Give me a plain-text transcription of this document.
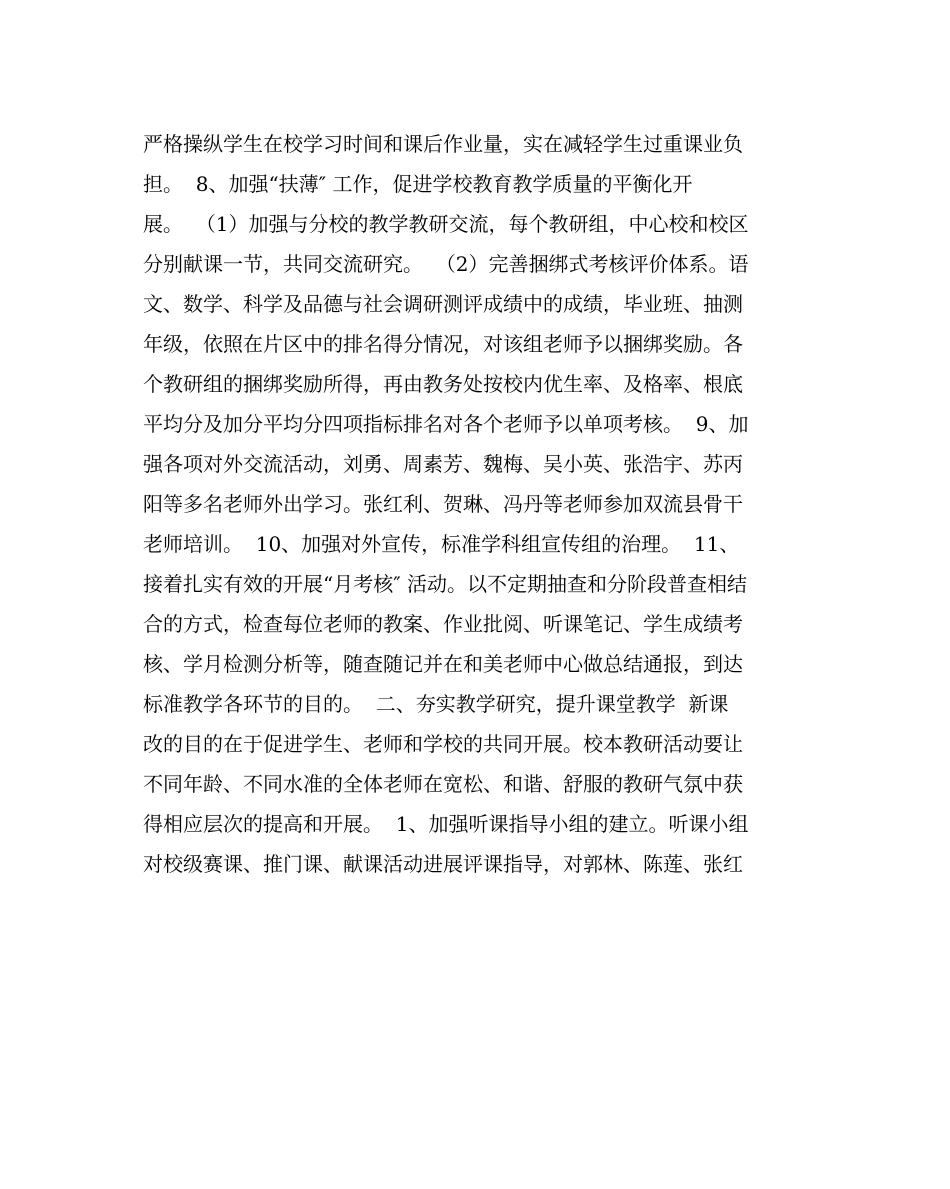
严格操纵学生在校学习时间和课后作业量，实在减轻学生过重课业负
担。  8、加强“扶薄″ 工作，促进学校教育教学质量的平衡化开
展。  （1）加强与分校的教学教研交流，每个教研组，中心校和校区
分别献课一节，共同交流研究。  （2）完善捆绑式考核评价体系。语
文、数学、科学及品德与社会调研测评成绩中的成绩，毕业班、抽测
年级，依照在片区中的排名得分情况，对该组老师予以捆绑奖励。各
个教研组的捆绑奖励所得，再由教务处按校内优生率、及格率、根底
平均分及加分平均分四项指标排名对各个老师予以单项考核。  9、加
强各项对外交流活动，刘勇、周素芳、魏梅、吴小英、张浩宇、苏丙
阳等多名老师外出学习。张红利、贺琳、冯丹等老师参加双流县骨干
老师培训。  10、加强对外宣传，标准学科组宣传组的治理。  11、
接着扎实有效的开展“月考核″ 活动。以不定期抽查和分阶段普查相结
合的方式，检查每位老师的教案、作业批阅、听课笔记、学生成绩考
核、学月检测分析等，随查随记并在和美老师中心做总结通报，到达
标准教学各环节的目的。  二、夯实教学研究，提升课堂教学  新课
改的目的在于促进学生、老师和学校的共同开展。校本教研活动要让
不同年龄、不同水准的全体老师在宽松、和谐、舒服的教研气氛中获
得相应层次的提高和开展。  1、加强听课指导小组的建立。听课小组
对校级赛课、推门课、献课活动进展评课指导，对郭林、陈莲、张红
